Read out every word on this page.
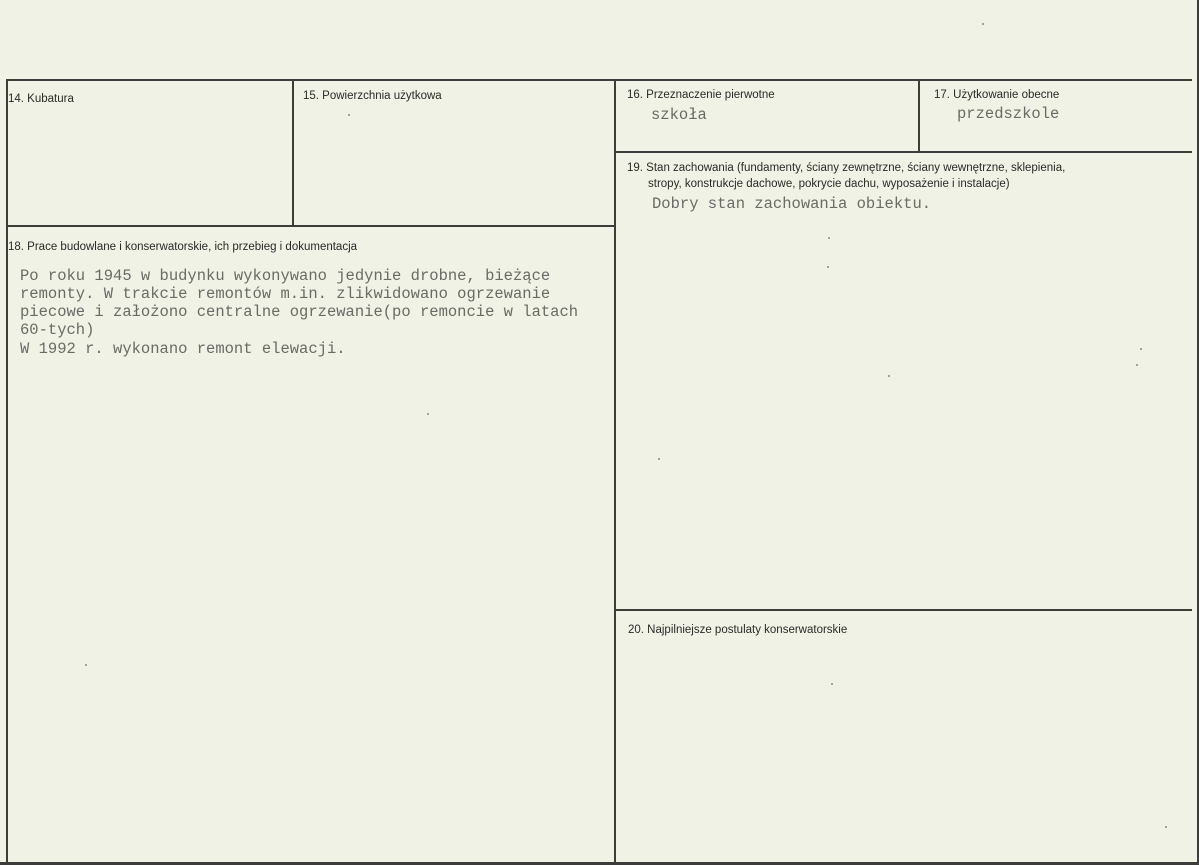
14. Kubatura	15. Powierzchnia użytkowa	16. Przeznaczenie pierwotne
szkoła
17. Użytkowanie obecne
przedszkole
18. Prace budowlane i konserwatorskie, ich przebieg i dokumentacja
Po roku 1945 w budynku wykonywano jedynie drobne, bieżące
remonty. W trakcie remontów m.in. zlikwidowano ogrzewanie
piecowe i założono centralne ogrzewanie(po remoncie w latach
60-tych)
W 1992 r. wykonano remont elewacji.
19. Stan zachowania (fundamenty, ściany zewnętrzne, ściany wewnętrzne, sklepienia,
stropy, konstrukcje dachowe, pokrycie dachu, wyposażenie i instalacje)
Dobry stan zachowania obiektu.
20. Najpilniejsze postulaty konserwatorskie
